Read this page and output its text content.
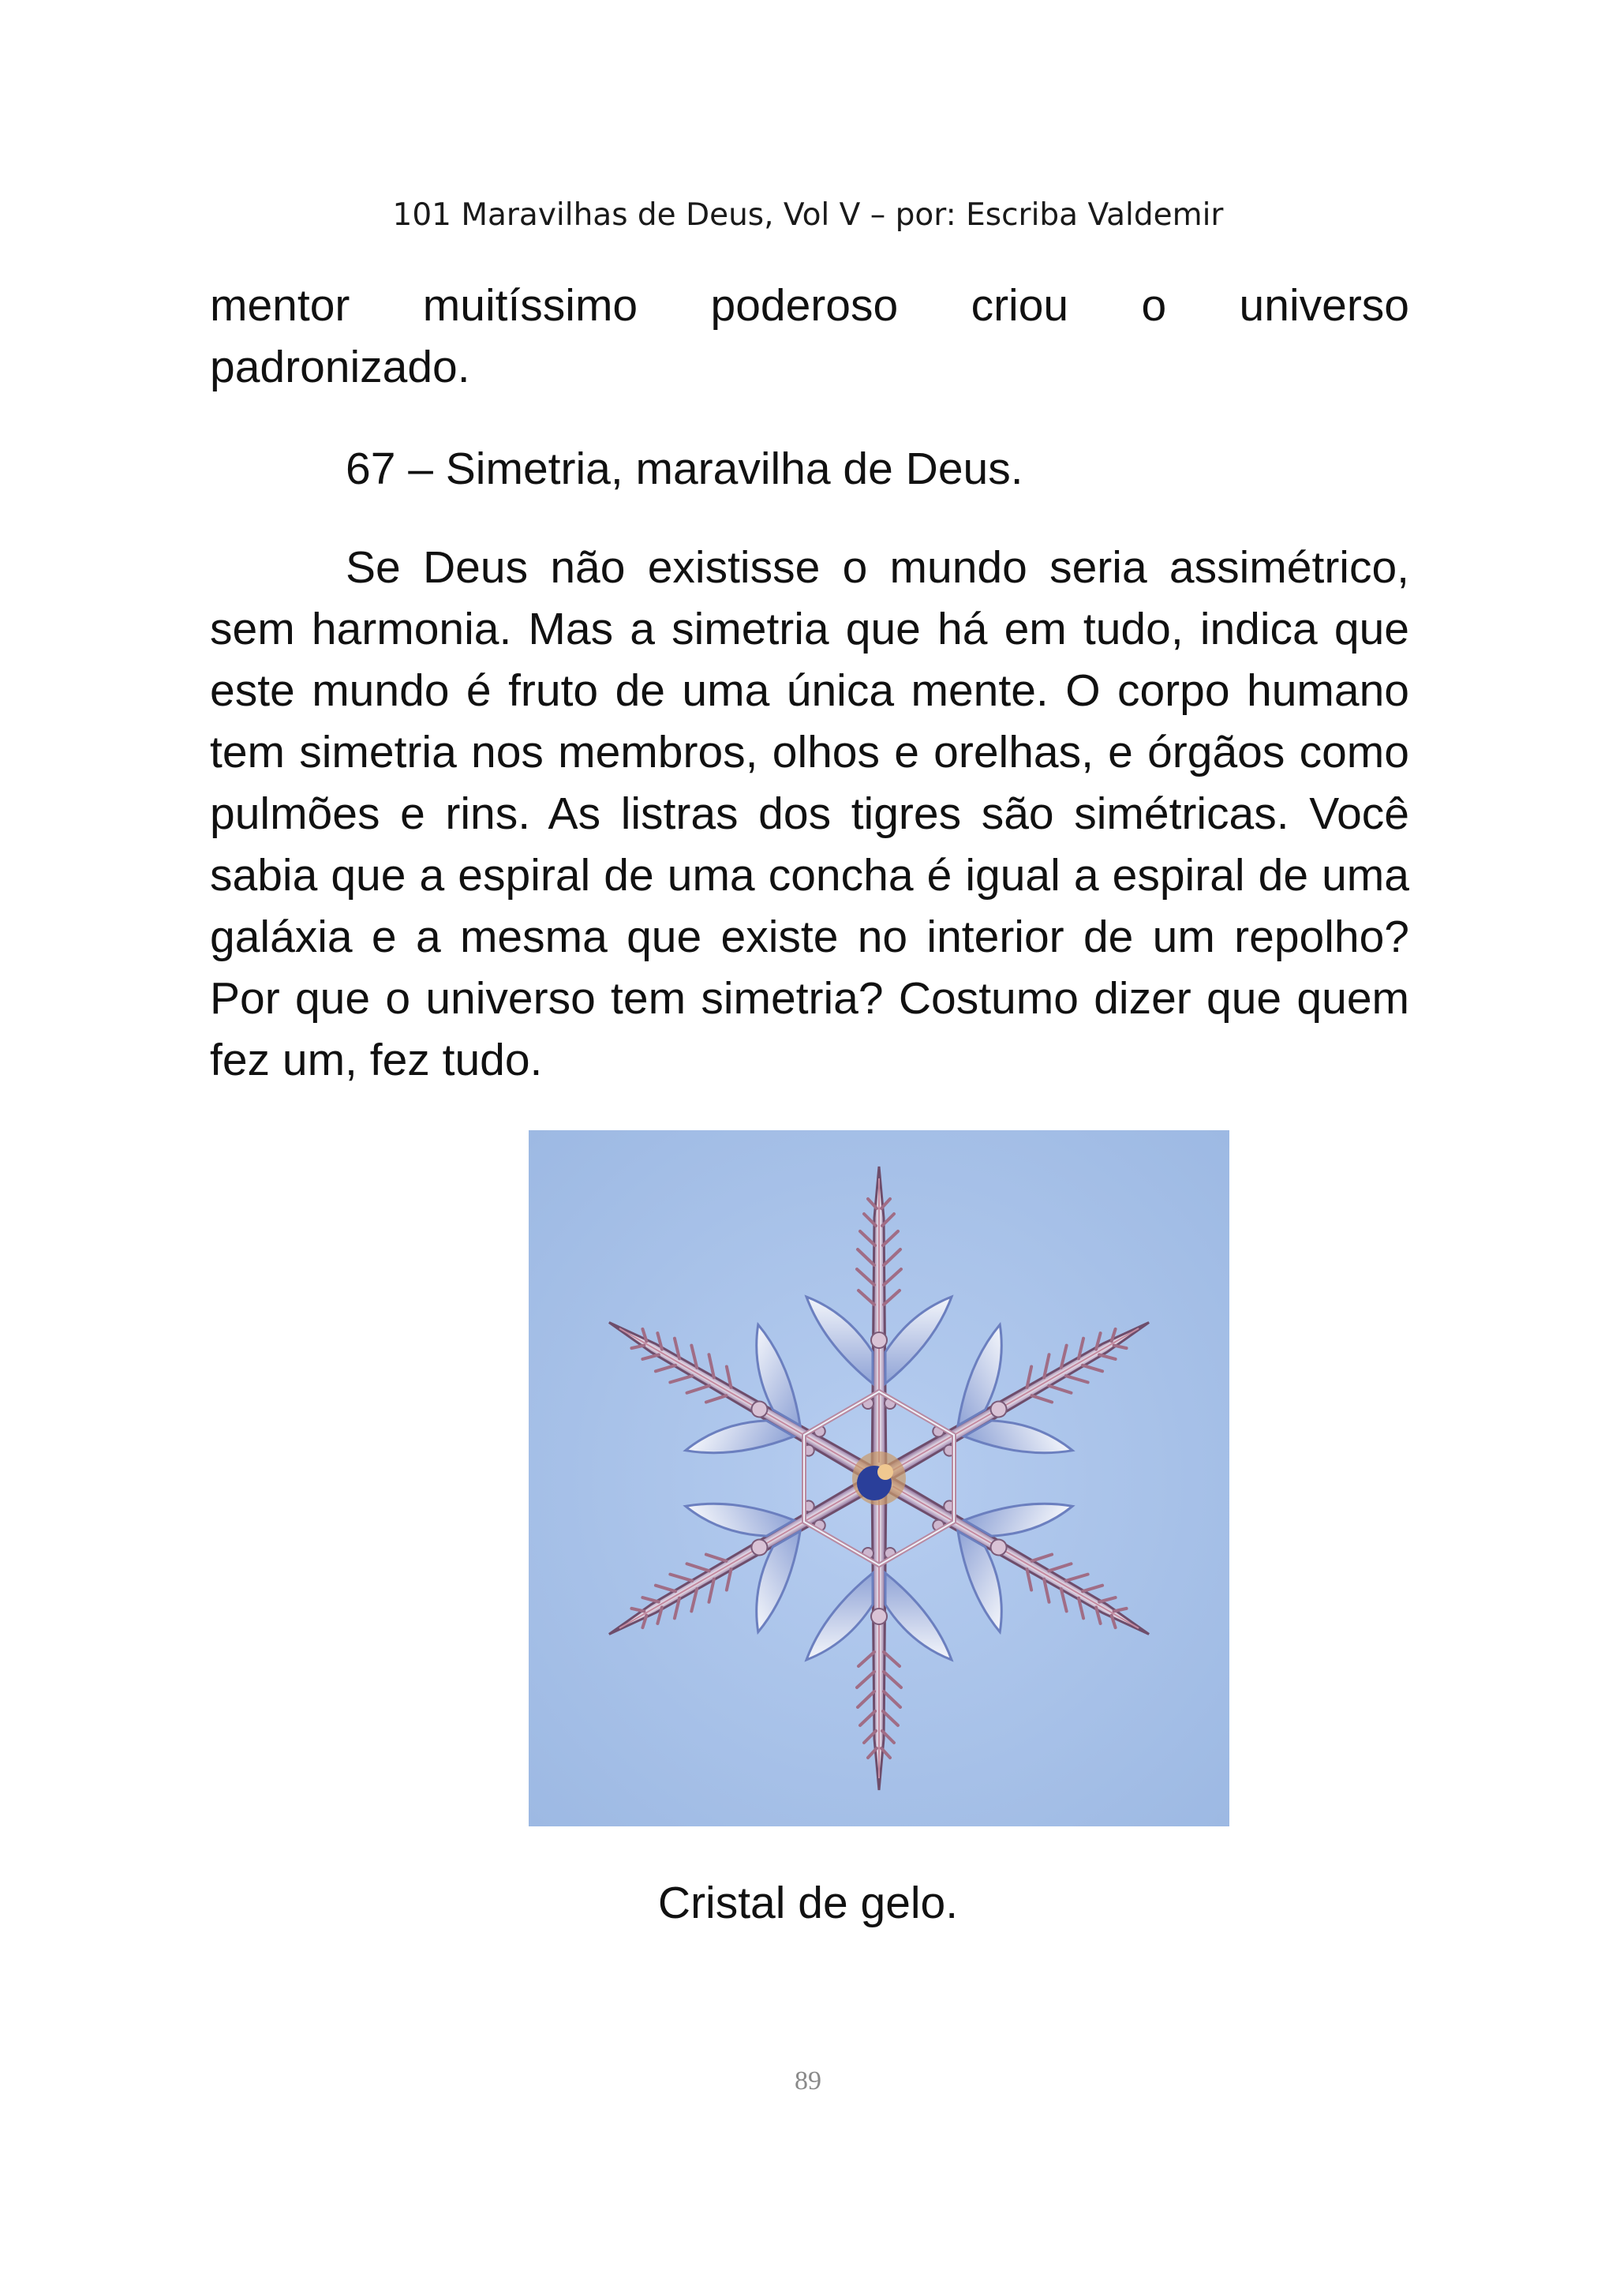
101 Maravilhas de Deus, Vol V – por: Escriba Valdemir
mentor muitíssimo poderoso criou o universo
padronizado.
67 – Simetria, maravilha de Deus.
Se Deus não existisse o mundo seria assimétrico, sem harmonia. Mas a simetria que há em tudo, indica que este mundo é fruto de uma única mente. O corpo humano tem simetria nos membros, olhos e orelhas, e órgãos como pulmões e rins. As listras dos tigres são simétricas. Você sabia que a espiral de uma concha é igual a espiral de uma galáxia e a mesma que existe no interior de um repolho? Por que o universo tem simetria? Costumo dizer que quem fez um, fez tudo.
Cristal de gelo.
89
